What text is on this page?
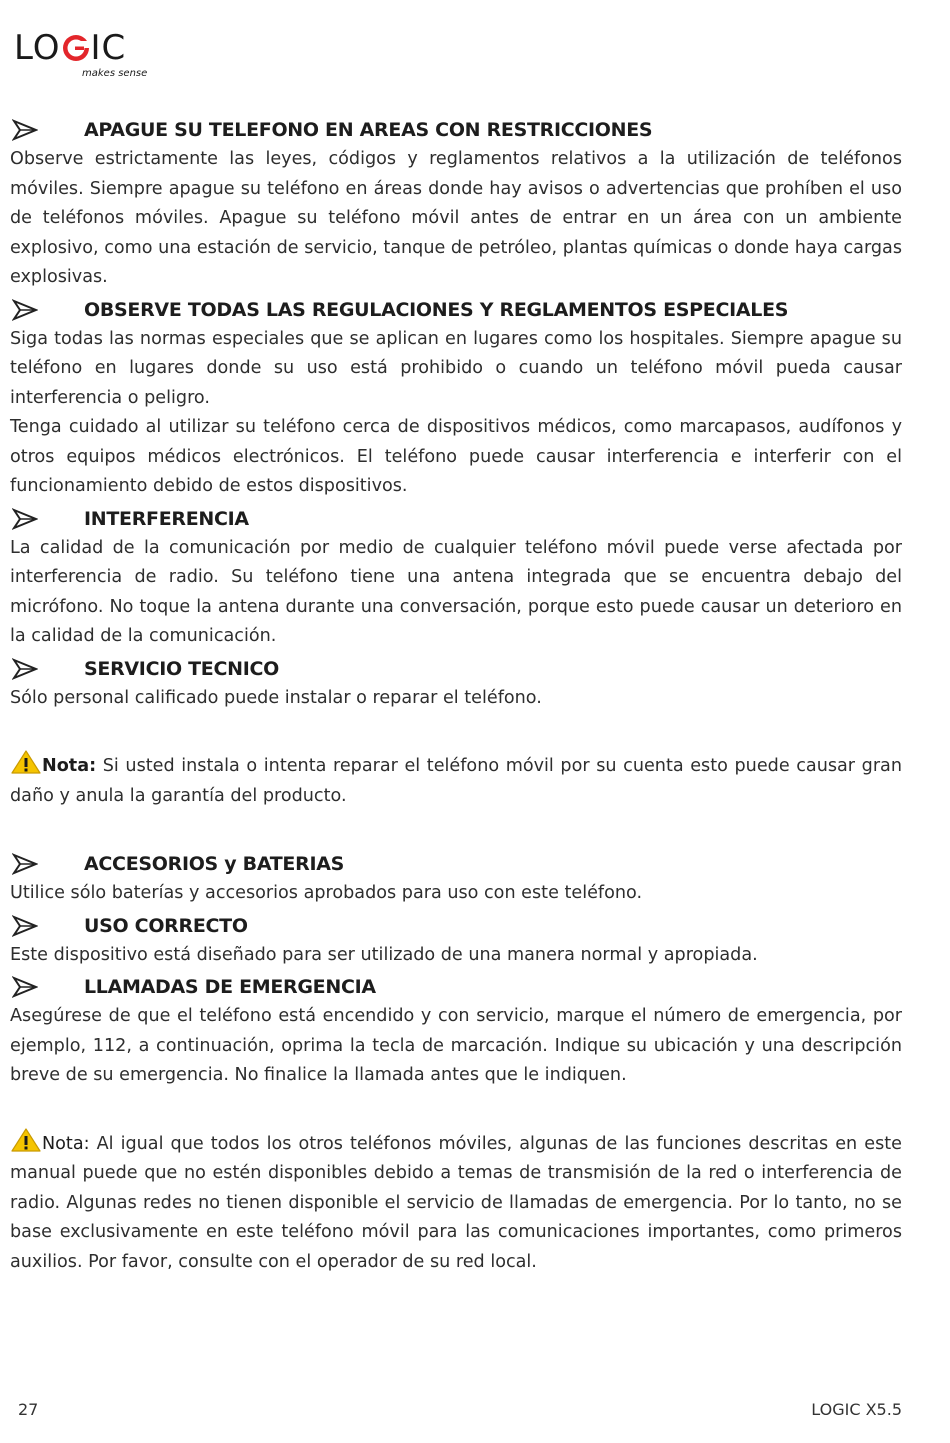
LO IC
makes sense
APAGUE SU TELEFONO EN AREAS CON RESTRICCIONES

Observe estrictamente las leyes, códigos y reglamentos relativos a la utilización de teléfonos móviles. Siempre apague su teléfono en áreas donde hay avisos o advertencias que prohíben el uso de teléfonos móviles. Apague su teléfono móvil antes de entrar en un área con un ambiente explosivo, como una estación de servicio, tanque de petróleo, plantas químicas o donde haya cargas explosivas.

OBSERVE TODAS LAS REGULACIONES Y REGLAMENTOS ESPECIALES

Siga todas las normas especiales que se aplican en lugares como los hospitales. Siempre apague su teléfono en lugares donde su uso está prohibido o cuando un teléfono móvil pueda causar interferencia o peligro.

Tenga cuidado al utilizar su teléfono cerca de dispositivos médicos, como marcapasos, audífonos y otros equipos médicos electrónicos. El teléfono puede causar interferencia e interferir con el funcionamiento debido de estos dispositivos.

INTERFERENCIA

La calidad de la comunicación por medio de cualquier teléfono móvil puede verse afectada por interferencia de radio. Su teléfono tiene una antena integrada que se encuentra debajo del micrófono. No toque la antena durante una conversación, porque esto puede causar un deterioro en la calidad de la comunicación.

SERVICIO TECNICO

Sólo personal calificado puede instalar o reparar el teléfono.

Nota: Si usted instala o intenta reparar el teléfono móvil por su cuenta esto puede causar gran daño y anula la garantía del producto.
ACCESORIOS y BATERIAS

Utilice sólo baterías y accesorios aprobados para uso con este teléfono.

USO CORRECTO

Este dispositivo está diseñado para ser utilizado de una manera normal y apropiada.

LLAMADAS DE EMERGENCIA

Asegúrese de que el teléfono está encendido y con servicio, marque el número de emergencia, por ejemplo, 112, a continuación, oprima la tecla de marcación. Indique su ubicación y una descripción breve de su emergencia. No finalice la llamada antes que le indiquen.

Nota: Al igual que todos los otros teléfonos móviles, algunas de las funciones descritas en este manual puede que no estén disponibles debido a temas de transmisión de la red o interferencia de radio. Algunas redes no tienen disponible el servicio de llamadas de emergencia. Por lo tanto, no se base exclusivamente en este teléfono móvil para las comunicaciones importantes, como primeros auxilios. Por favor, consulte con el operador de su red local.
27	LOGIC X5.5
